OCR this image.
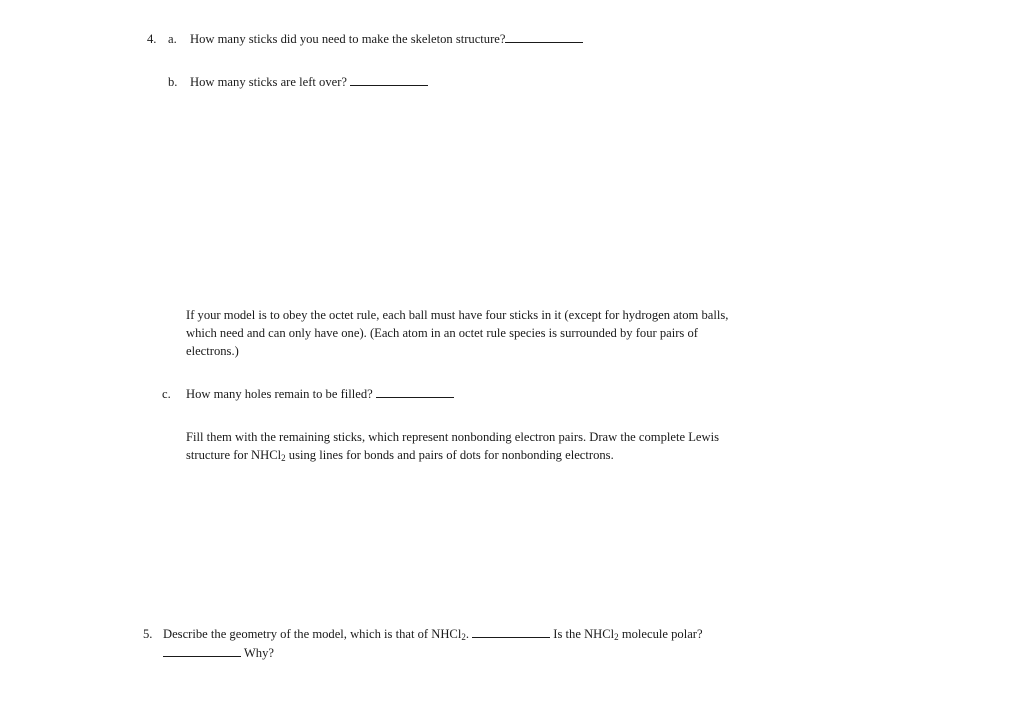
4. a. How many sticks did you need to make the skeleton structure?
b. How many sticks are left over?
If your model is to obey the octet rule, each ball must have four sticks in it (except for hydrogen atom balls, which need and can only have one). (Each atom in an octet rule species is surrounded by four pairs of electrons.)
c. How many holes remain to be filled?
Fill them with the remaining sticks, which represent nonbonding electron pairs. Draw the complete Lewis structure for NHCl$_2$ using lines for bonds and pairs of dots for nonbonding electrons.
5. Describe the geometry of the model, which is that of NHCl$_2$.	Is the NHCl$_2$ molecule polar?
Why?
